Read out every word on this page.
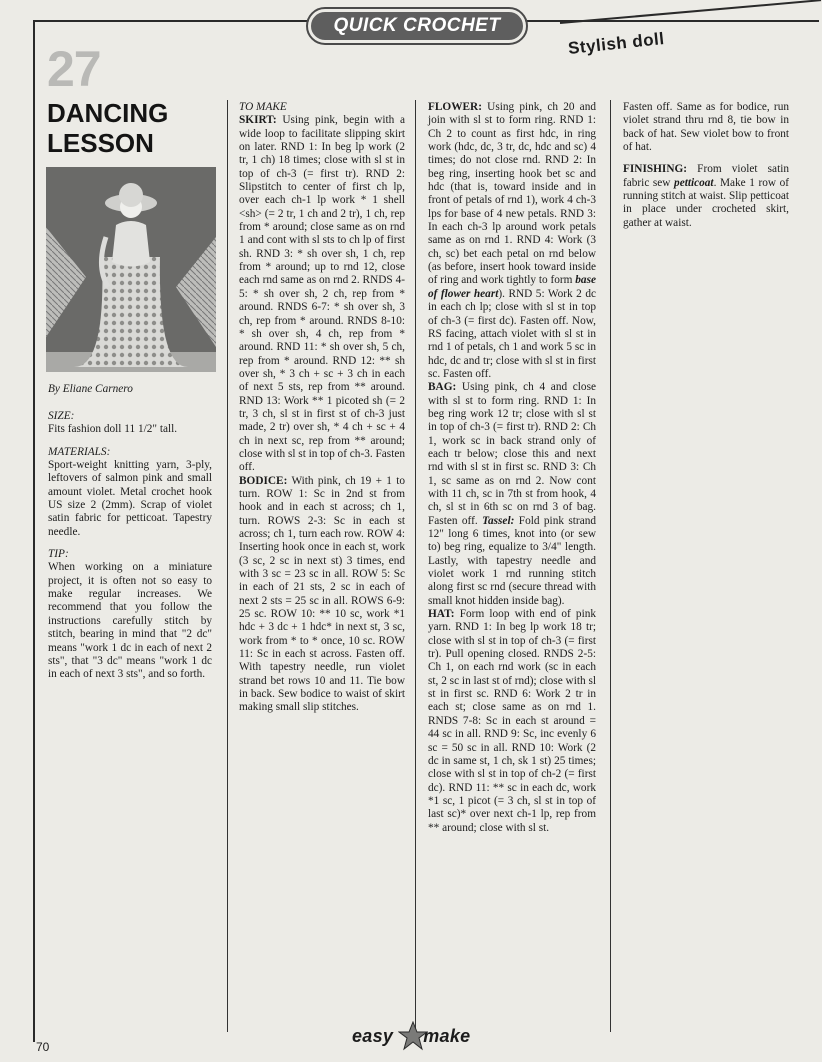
QUICK CROCHET
Stylish doll
27
DANCING
LESSON
By Eliane Carnero

SIZE:

Fits fashion doll 11 1/2" tall.

MATERIALS:

Sport-weight knitting yarn, 3-ply, leftovers of salmon pink and small amount violet. Metal crochet hook US size 2 (2mm). Scrap of violet satin fabric for petticoat. Tapestry needle.

TIP:

When working on a miniature project, it is often not so easy to make regular increases. We recommend that you follow the instructions carefully stitch by stitch, bearing in mind that "2 dc" means "work 1 dc in each of next 2 sts", that "3 dc" means "work 1 dc in each of next 3 sts", and so forth.

TO MAKE

SKIRT: Using pink, begin with a wide loop to facilitate slipping skirt on later. RND 1: In beg lp work (2 tr, 1 ch) 18 times; close with sl st in top of ch-3 (= first tr). RND 2: Slipstitch to center of first ch lp, over each ch-1 lp work * 1 shell <sh> (= 2 tr, 1 ch and 2 tr), 1 ch, rep from * around; close same as on rnd 1 and cont with sl sts to ch lp of first sh. RND 3: * sh over sh, 1 ch, rep from * around; up to rnd 12, close each rnd same as on rnd 2. RNDS 4-5: * sh over sh, 2 ch, rep from * around. RNDS 6-7: * sh over sh, 3 ch, rep from * around. RNDS 8-10: * sh over sh, 4 ch, rep from * around. RND 11: * sh over sh, 5 ch, rep from * around. RND 12: ** sh over sh, * 3 ch + sc + 3 ch in each of next 5 sts, rep from ** around. RND 13: Work ** 1 picoted sh (= 2 tr, 3 ch, sl st in first st of ch-3 just made, 2 tr) over sh, * 4 ch + sc + 4 ch in next sc, rep from ** around; close with sl st in top of ch-3. Fasten off.

BODICE: With pink, ch 19 + 1 to turn. ROW 1: Sc in 2nd st from hook and in each st across; ch 1, turn. ROWS 2-3: Sc in each st across; ch 1, turn each row. ROW 4: Inserting hook once in each st, work (3 sc, 2 sc in next st) 3 times, end with 3 sc = 23 sc in all. ROW 5: Sc in each of 21 sts, 2 sc in each of next 2 sts = 25 sc in all. ROWS 6-9: 25 sc. ROW 10: ** 10 sc, work *1 hdc + 3 dc + 1 hdc* in next st, 3 sc, work from * to * once, 10 sc. ROW 11: Sc in each st across. Fasten off. With tapestry needle, run violet strand bet rows 10 and 11. Tie bow in back. Sew bodice to waist of skirt making small slip stitches.

FLOWER: Using pink, ch 20 and join with sl st to form ring. RND 1: Ch 2 to count as first hdc, in ring work (hdc, dc, 3 tr, dc, hdc and sc) 4 times; do not close rnd. RND 2: In beg ring, inserting hook bet sc and hdc (that is, toward inside and in front of petals of rnd 1), work 4 ch-3 lps for base of 4 new petals. RND 3: In each ch-3 lp around work petals same as on rnd 1. RND 4: Work (3 ch, sc) bet each petal on rnd below (as before, insert hook toward inside of ring and work tightly to form base of flower heart). RND 5: Work 2 dc in each ch lp; close with sl st in top of ch-3 (= first dc). Fasten off. Now, RS facing, attach violet with sl st in rnd 1 of petals, ch 1 and work 5 sc in hdc, dc and tr; close with sl st in first sc. Fasten off.

BAG: Using pink, ch 4 and close with sl st to form ring. RND 1: In beg ring work 12 tr; close with sl st in top of ch-3 (= first tr). RND 2: Ch 1, work sc in back strand only of each tr below; close this and next rnd with sl st in first sc. RND 3: Ch 1, sc same as on rnd 2. Now cont with 11 ch, sc in 7th st from hook, 4 ch, sl st in 6th sc on rnd 3 of bag. Fasten off. Tassel: Fold pink strand 12" long 6 times, knot into (or sew to) beg ring, equalize to 3/4" length. Lastly, with tapestry needle and violet work 1 rnd running stitch along first sc rnd (secure thread with small knot hidden inside bag).

HAT: Form loop with end of pink yarn. RND 1: In beg lp work 18 tr; close with sl st in top of ch-3 (= first tr). Pull opening closed. RNDS 2-5: Ch 1, on each rnd work (sc in each st, 2 sc in last st of rnd); close with sl st in first sc. RND 6: Work 2 tr in each st; close same as on rnd 1. RNDS 7-8: Sc in each st around = 44 sc in all. RND 9: Sc, inc evenly 6 sc = 50 sc in all. RND 10: Work (2 dc in same st, 1 ch, sk 1 st) 25 times; close with sl st in top of ch-2 (= first dc). RND 11: ** sc in each dc, work *1 sc, 1 picot (= 3 ch, sl st in top of last sc)* over next ch-1 lp, rep from ** around; close with sl st.

Fasten off. Same as for bodice, run violet strand thru rnd 8, tie bow in back of hat. Sew violet bow to front of hat.

FINISHING: From violet satin fabric sew petticoat. Make 1 row of running stitch at waist. Slip petticoat in place under crocheted skirt, gather at waist.

easy make
70
